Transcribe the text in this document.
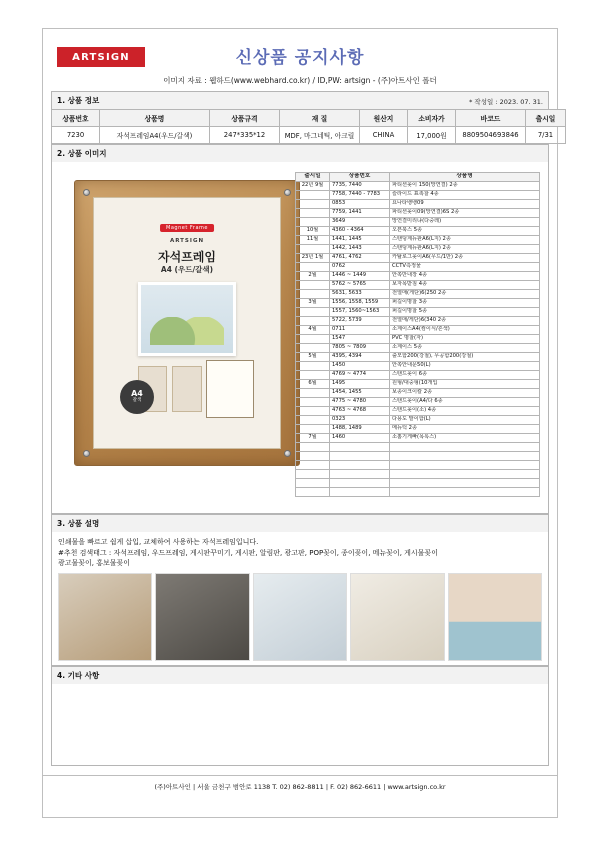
ARTSIGN	신상품 공지사항
이미지 자료 : 웹하드(www.webhard.co.kr) / ID,PW: artsign - (주)아트사인 폴더
* 작성일 : 2023. 07. 31.
1. 상품 정보
상품번호	상품명	상품규격	재 질	원산지	소비자가	바코드	출시일
7230	자석프레임A4(우드/갈색)	247*335*12	MDF, 마그네틱, 아크릴	CHINA	17,000원	8809504693846	7/31
2. 상품 이미지
Magnet Frame
ARTSIGN
자석프레임
A4 (우드/갈색)
A4
갈색
출시일	상품번호	상품명
22년 9월	7735, 7440	파티션꽂이 150(망연결) 2종
	7758, 7440 - 7783	슬라이드 표촉찰 4종
	0853	요나타뱅뱅09
	7759, 1441	파티션꽂이09(망연결)6S 2종
	3649	망연결미리냐(다중레)
10월	4360 - 4364	오픈북스 5종
11월	1441, 1445	스탠딩계뉴판A6(L지) 2종
	1442, 1443	스탠딩계뉴판A6(L지) 2종
23년 1월	4761, 4762	카탈로그꽂이A6(우드/1만) 2종
	0762	CCTV측정물
2월	1446 ~ 1449	안쪽만내장 4종
	5762 ~ 5765	보자목받침 4종
	5631, 5633	전열매(게단)6(250 2종
3월	1556, 1558, 1559	퍼길이명찰 3종
	1557, 1560~1563	퍼길이명찰 5종
	5722, 5739	전열매/게단)6(340 2종
4월	0711	소계이스A4(컴이식/흔색)
	1547	PVC 명찰(자)
	7805 ~ 7809	소계이스 5종
5월	4395, 4394	출모함200(강철), 무공함200(강철)
	1450	안쪽안내문50(L)
	4769 ~ 4774	스탠드꽂이 6종
6월	1495	원형/대중형(10개입
	1454, 1455	보종이크이칼 2종
	4775 ~ 4780	스탠드꽂이(A4/다 6종
	4763 ~ 4768	스탠드꽂이(소) 4종
	0323	다용도 말이함(L)
	1488, 1489	메뉴턱 2종
7월	1460	소홈기게빠(목록스)

3. 상품 설명
인쇄물을 빠르고 쉽게 삽입, 교체하여 사용하는 자석프레임입니다.
#추천 검색태그 : 자석프레임, 우드프레임, 게시판꾸미기, 게시판, 알림판, 광고판, POP꽂이, 종이꽂이, 메뉴꽂이, 게시물꽂이
광고물꽂이, 홍보물꽂이
4. 기타 사항
(주)아트사인 | 서울 금천구 범안로 1138 T. 02) 862-8811 | F. 02) 862-6611 | www.artsign.co.kr
